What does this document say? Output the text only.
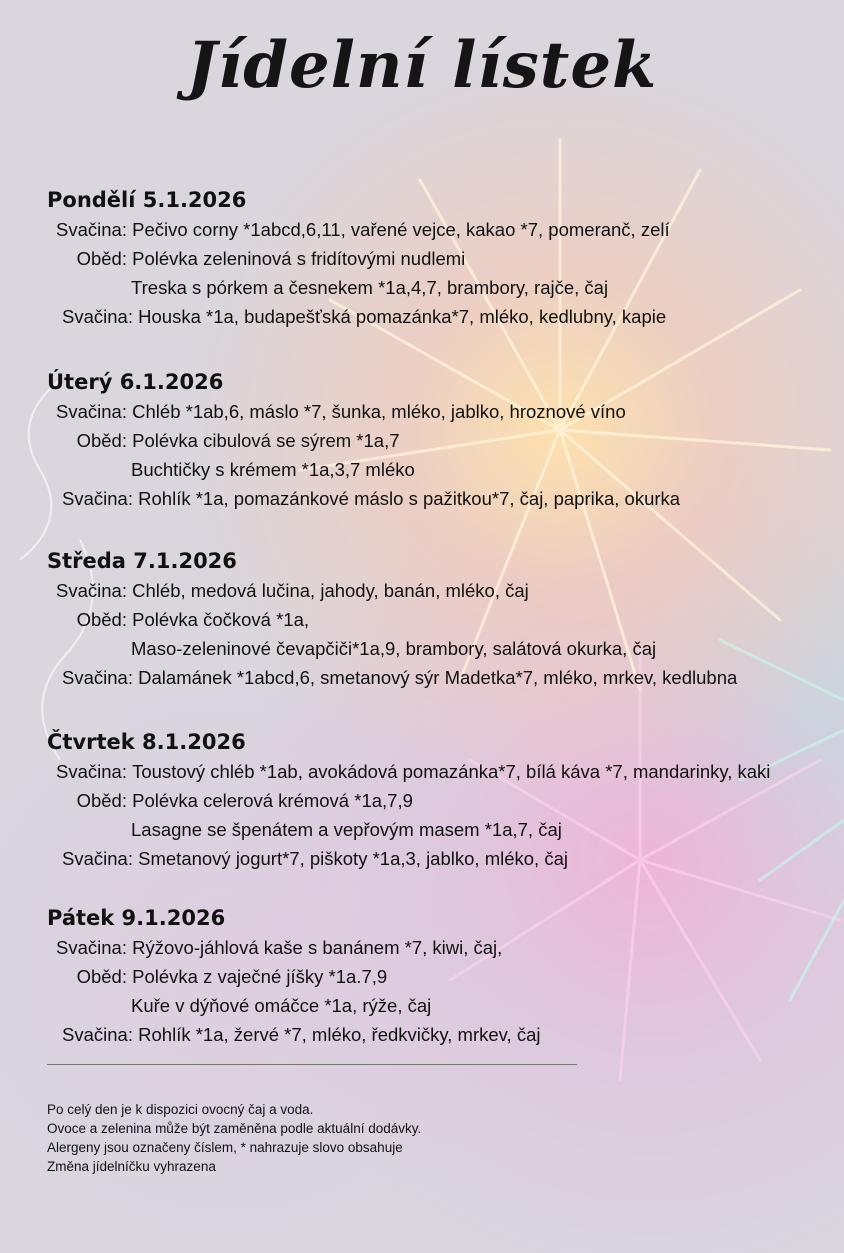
Jídelní lístek
Pondělí 5.1.2026
Svačina: Pečivo corny *1abcd,6,11, vařené vejce, kakao *7, pomeranč, zelí
Oběd: Polévka zeleninová s fridítovými nudlemi
Treska s pórkem a česnekem *1a,4,7, brambory, rajče, čaj
Svačina: Houska *1a, budapešťská pomazánka*7, mléko, kedlubny, kapie
Úterý 6.1.2026
Svačina: Chléb *1ab,6, máslo *7, šunka, mléko, jablko, hroznové víno
Oběd: Polévka cibulová se sýrem *1a,7
Buchtičky s krémem *1a,3,7 mléko
Svačina: Rohlík *1a, pomazánkové máslo s pažitkou*7, čaj, paprika, okurka
Středa 7.1.2026
Svačina: Chléb, medová lučina, jahody, banán, mléko, čaj
Oběd: Polévka čočková *1a,
Maso-zeleninové čevapčiči*1a,9, brambory, salátová okurka, čaj
Svačina: Dalamánek *1abcd,6, smetanový sýr Madetka*7, mléko, mrkev, kedlubna
Čtvrtek 8.1.2026
Svačina: Toustový chléb *1ab, avokádová pomazánka*7, bílá káva *7, mandarinky, kaki
Oběd: Polévka celerová krémová *1a,7,9
Lasagne se špenátem a vepřovým masem *1a,7, čaj
Svačina: Smetanový jogurt*7, piškoty *1a,3, jablko, mléko, čaj
Pátek 9.1.2026
Svačina: Rýžovo-jáhlová kaše s banánem *7, kiwi, čaj,
Oběd: Polévka z vaječné jíšky *1a.7,9
Kuře v dýňové omáčce *1a, rýže, čaj
Svačina: Rohlík *1a, žervé *7, mléko, ředkvičky, mrkev, čaj
Po celý den je k dispozici ovocný čaj a voda.
Ovoce a zelenina může být zaměněna podle aktuální dodávky.
Alergeny jsou označeny číslem, * nahrazuje slovo obsahuje
Změna jídelníčku vyhrazena
